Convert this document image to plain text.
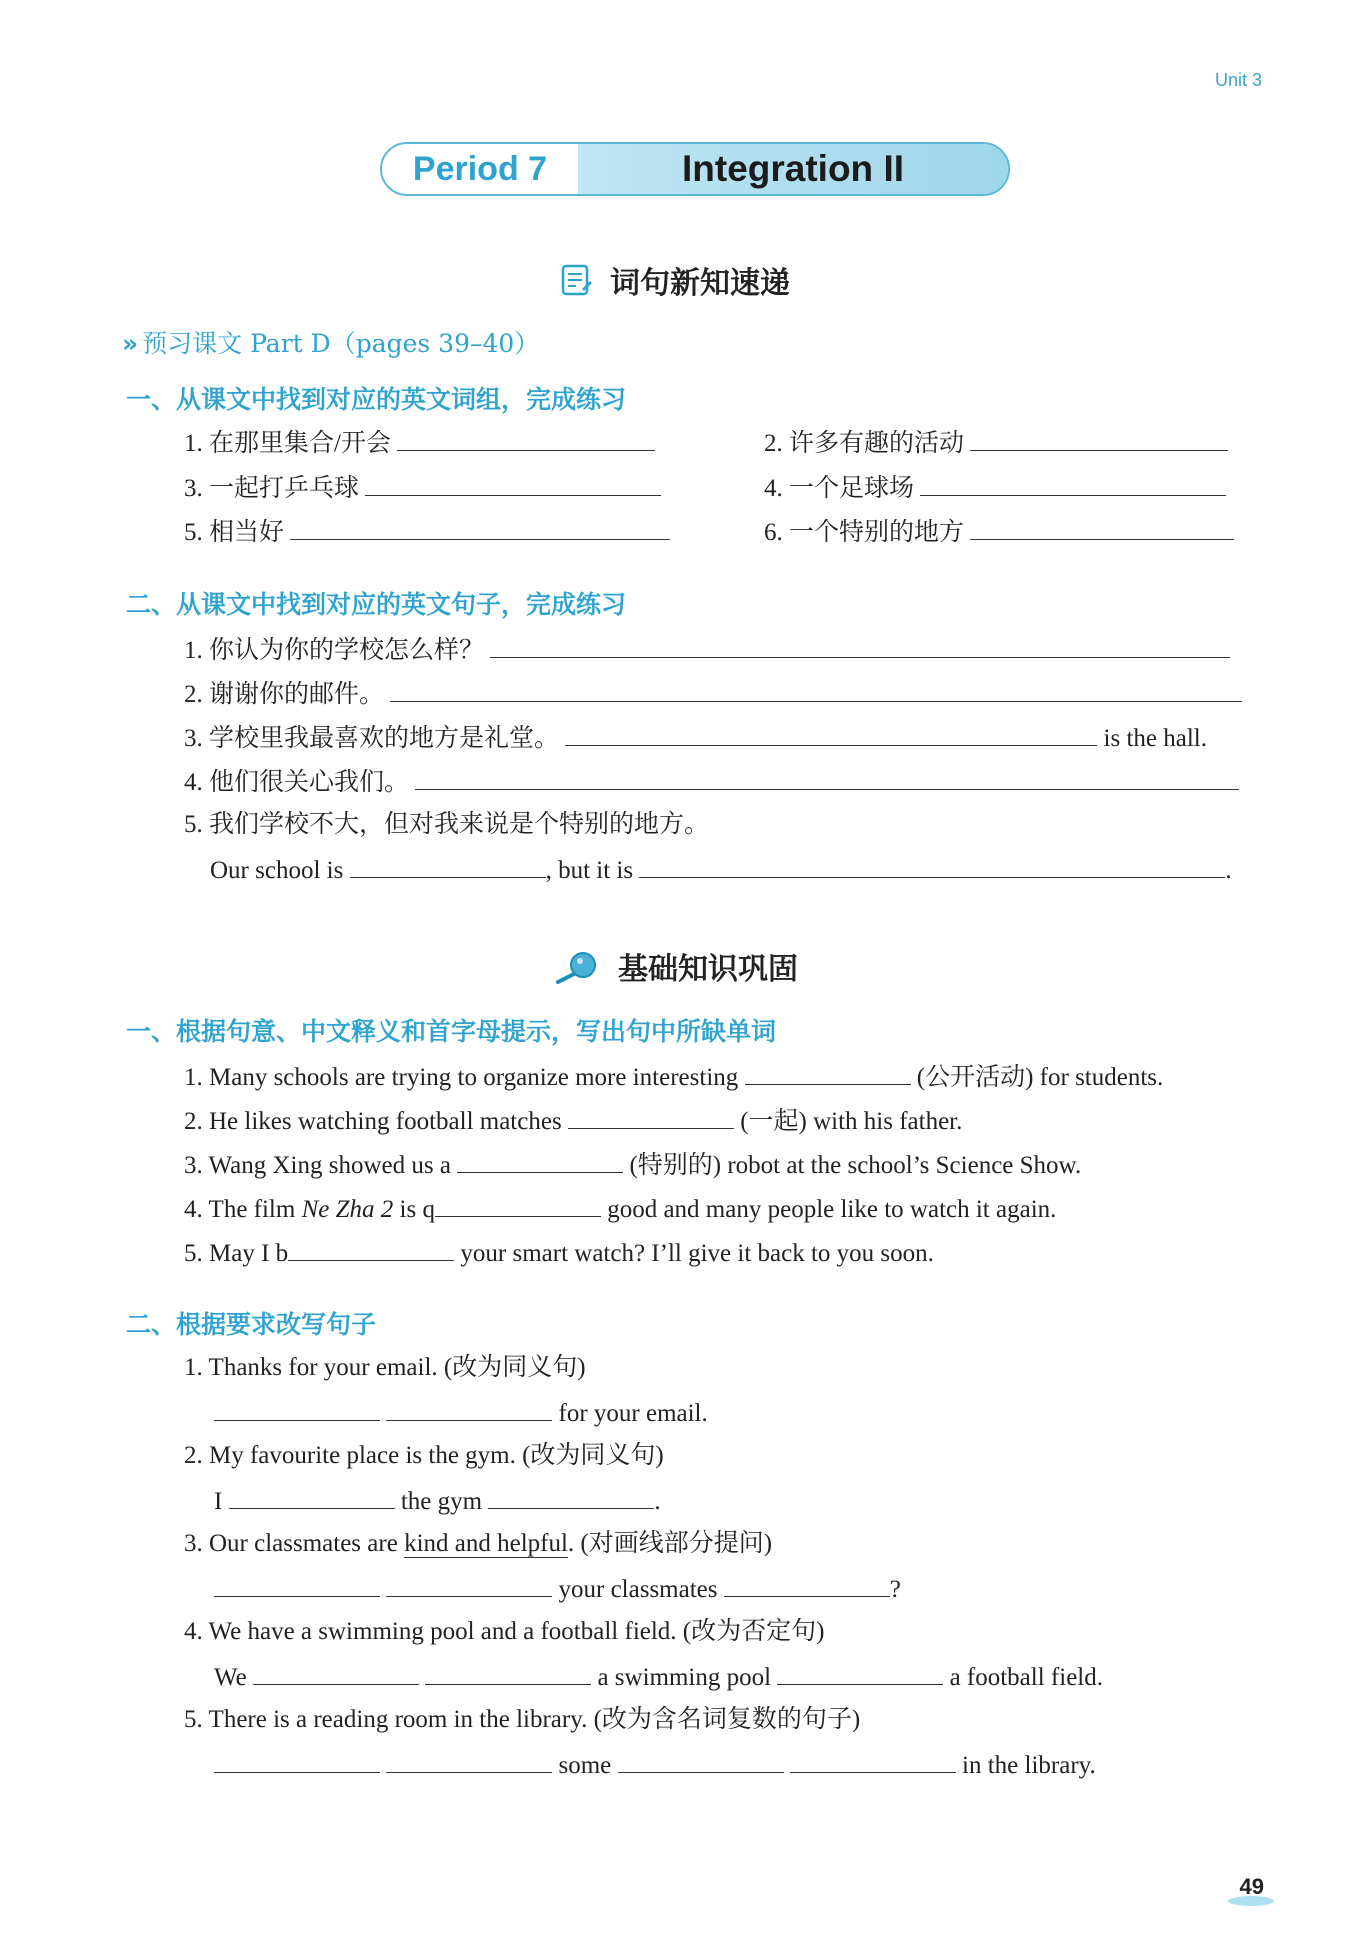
Unit 3
Period 7	Integration II
词句新知速递
» 预习课文 Part D（pages 39–40）
一、从课文中找到对应的英文词组，完成练习
1. 在那里集合/开会	2. 许多有趣的活动
3. 一起打乒乓球	4. 一个足球场
5. 相当好	6. 一个特别的地方
二、从课文中找到对应的英文句子，完成练习
1. 你认为你的学校怎么样？
2. 谢谢你的邮件。
3. 学校里我最喜欢的地方是礼堂。	is the hall.
4. 他们很关心我们。
5. 我们学校不大，但对我来说是个特别的地方。
Our school is	, but it is	.
基础知识巩固
一、根据句意、中文释义和首字母提示，写出句中所缺单词
1. Many schools are trying to organize more interesting	(公开活动) for students.
2. He likes watching football matches	(一起) with his father.
3. Wang Xing showed us a	(特别的) robot at the school’s Science Show.
4. The film Ne Zha 2 is q	good and many people like to watch it again.
5. May I b	your smart watch? I’ll give it back to you soon.
二、根据要求改写句子
1. Thanks for your email. (改为同义句)
for your email.
2. My favourite place is the gym. (改为同义句)
I	the gym	.
3. Our classmates are kind and helpful. (对画线部分提问)
your classmates	?
4. We have a swimming pool and a football field. (改为否定句)
We	a swimming pool	a football field.
5. There is a reading room in the library. (改为含名词复数的句子)
some	in the library.
49
